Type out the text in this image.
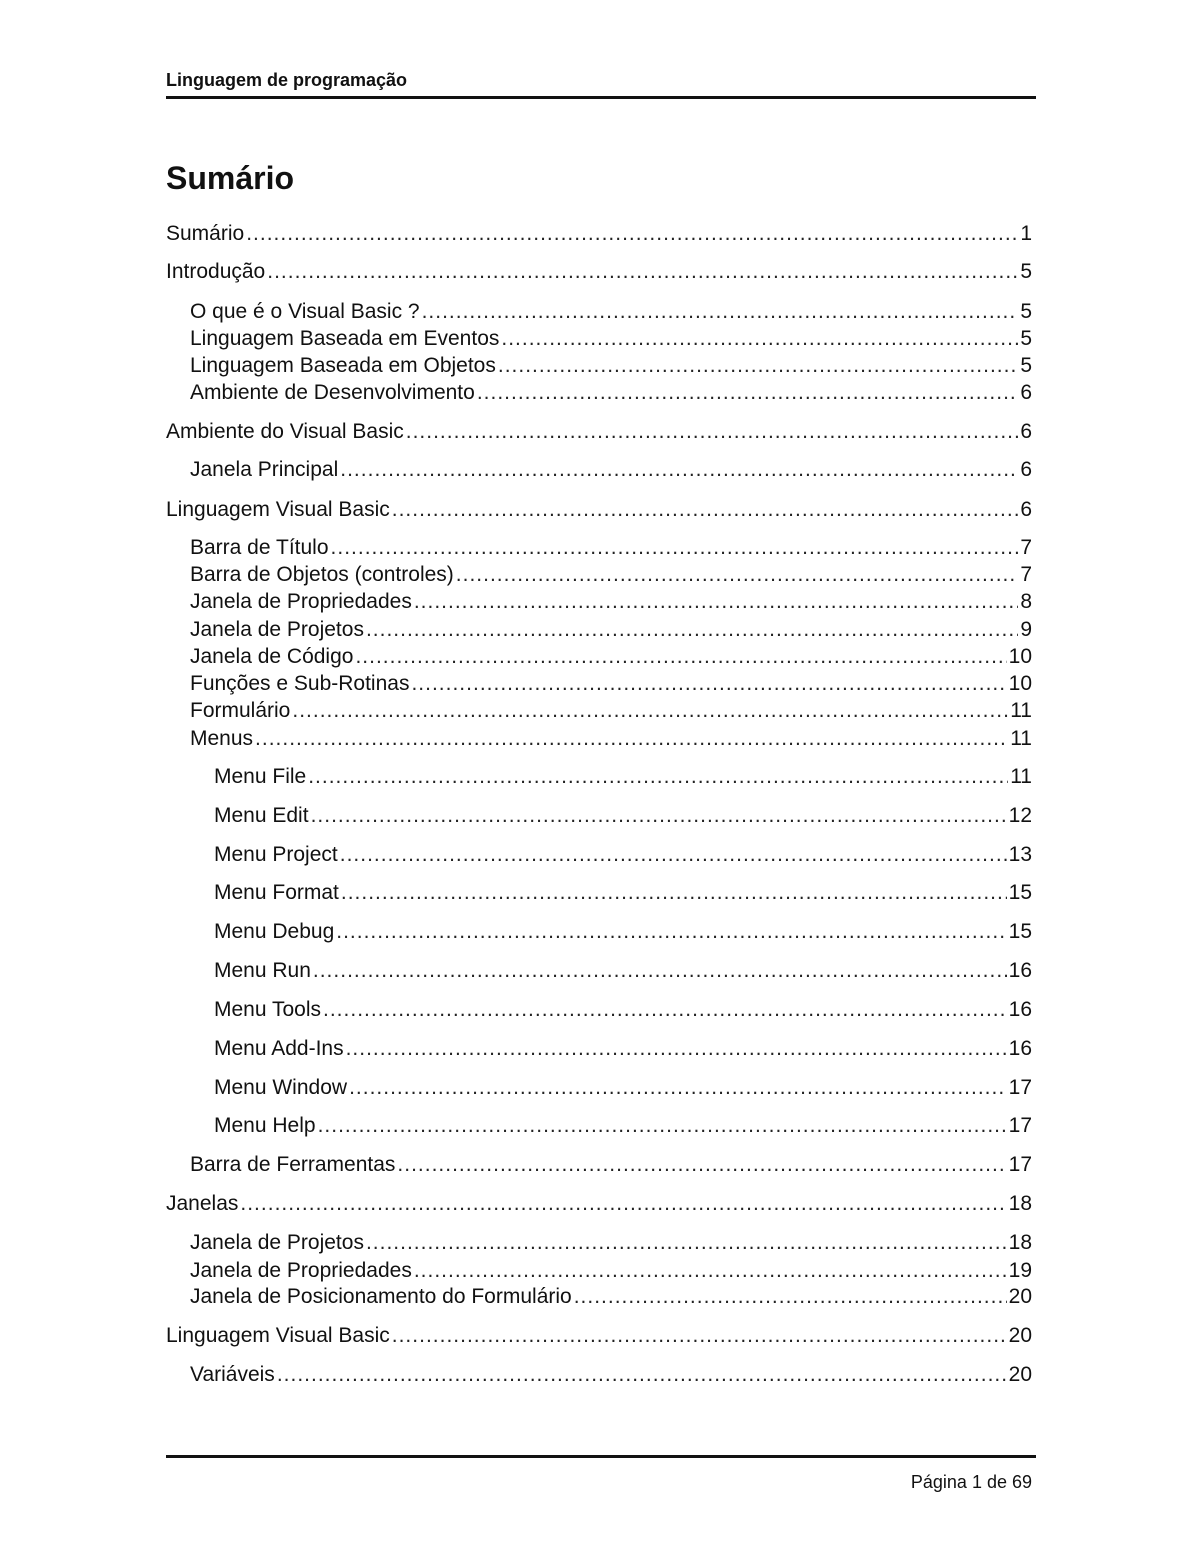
Linguagem de programação
Sumário
Sumário .....	1
Introdução .....	5
O que é o Visual Basic ? .....	5
Linguagem Baseada em Eventos .....	5
Linguagem Baseada em Objetos .....	5
Ambiente de Desenvolvimento .....	6
Ambiente do Visual Basic .....	6
Janela Principal .....	6
Linguagem Visual Basic .....	6
Barra de Título .....	7
Barra de Objetos (controles) .....	7
Janela de Propriedades .....	8
Janela de Projetos .....	9
Janela de Código .....	10
Funções e Sub-Rotinas .....	10
Formulário .....	11
Menus .....	11
Menu File .....	11
Menu Edit .....	12
Menu Project .....	13
Menu Format .....	15
Menu Debug .....	15
Menu Run .....	16
Menu Tools .....	16
Menu Add-Ins .....	16
Menu Window .....	17
Menu Help .....	17
Barra de Ferramentas .....	17
Janelas .....	18
Janela de Projetos .....	18
Janela de Propriedades .....	19
Janela de Posicionamento do Formulário .....	20
Linguagem Visual Basic .....	20
Variáveis .....	20
Página 1 de 69
